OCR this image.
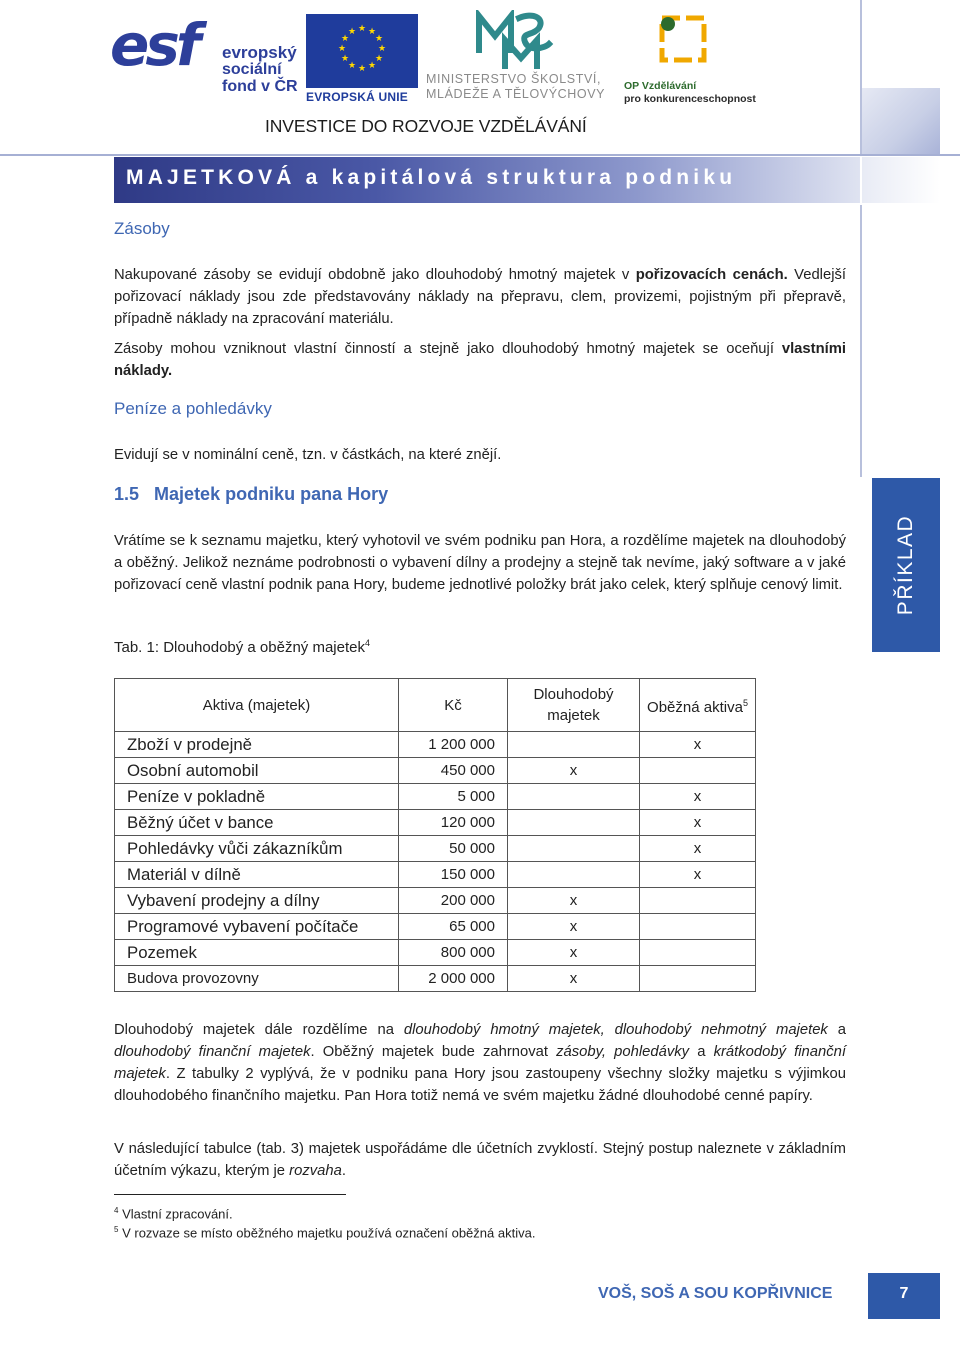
esf	evropský
sociální
fond v ČR
★ ★
★
★
★
★
★
★
★
★
★
★
EVROPSKÁ UNIE
MINISTERSTVO ŠKOLSTVÍ,
MLÁDEŽE A TĚLOVÝCHOVY
OP Vzdělávání
pro konkurenceschopnost
INVESTICE DO ROZVOJE VZDĚLÁVÁNÍ
MAJETKOVÁ a kapitálová struktura podniku
Zásoby
Nakupované zásoby se evidují obdobně jako dlouhodobý hmotný majetek v pořizovacích cenách. Vedlejší pořizovací náklady jsou zde představovány náklady na přepravu, clem, provizemi, pojistným při přepravě, případně náklady na zpracování materiálu.
Zásoby mohou vzniknout vlastní činností a stejně jako dlouhodobý hmotný majetek se oceňují vlastními náklady.
Peníze a pohledávky
Evidují se v nominální ceně, tzn. v částkách, na které znějí.
1.5 Majetek podniku pana Hory
Vrátíme se k seznamu majetku, který vyhotovil ve svém podniku pan Hora, a rozdělíme majetek na dlouhodobý a oběžný. Jelikož neznáme podrobnosti o vybavení dílny a prodejny a stejně tak nevíme, jaký software a v jaké pořizovací ceně vlastní podnik pana Hory, budeme jednotlivé položky brát jako celek, který splňuje cenový limit. PŘÍKLAD
Tab. 1: Dlouhodobý a oběžný majetek$^4$
Aktiva (majetek)	Kč	Dlouhodobý majetek	Oběžná aktiva$^5$
Zboží v prodejně	1 200 000		x
Osobní automobil	450 000	x	
Peníze v pokladně	5 000		x
Běžný účet v bance	120 000		x
Pohledávky vůči zákazníkům	50 000		x
Materiál v dílně	150 000		x
Vybavení prodejny a dílny	200 000	x	
Programové vybavení počítače	65 000	x	
Pozemek	800 000	x	
Budova provozovny	2 000 000	x	
Dlouhodobý majetek dále rozdělíme na dlouhodobý hmotný majetek, dlouhodobý nehmotný majetek a dlouhodobý finanční majetek. Oběžný majetek bude zahrnovat zásoby, pohledávky a krátkodobý finanční majetek. Z tabulky 2 vyplývá, že v podniku pana Hory jsou zastoupeny všechny složky majetku s výjimkou dlouhodobého finančního majetku. Pan Hora totiž nemá ve svém majetku žádné dlouhodobé cenné papíry.
V následující tabulce (tab. 3) majetek uspořádáme dle účetních zvyklostí. Stejný postup naleznete v základním účetním výkazu, kterým je rozvaha.
$^4$ Vlastní zpracování.
$^5$ V rozvaze se místo oběžného majetku používá označení oběžná aktiva.
VOŠ, SOŠ A SOU KOPŘIVNICE	7
